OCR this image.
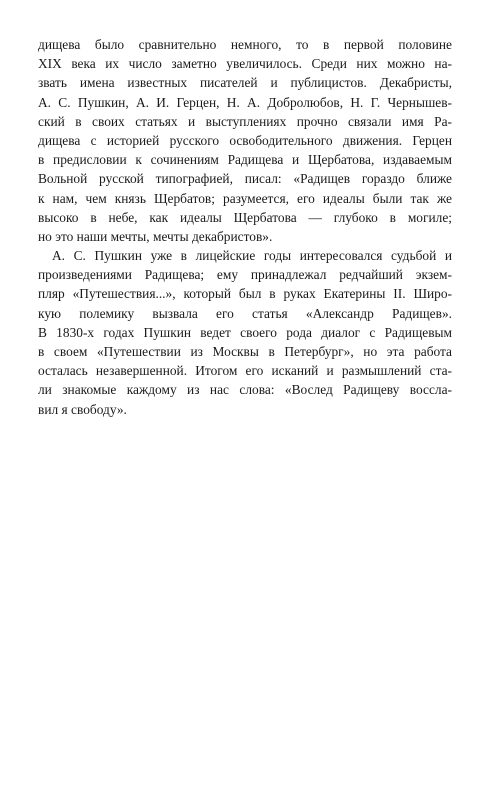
дищева было сравнительно немного, то в первой половине
XIX века их число заметно увеличилось. Среди них можно на-
звать имена известных писателей и публицистов. Декабристы,
А. С. Пушкин, А. И. Герцен, Н. А. Добролюбов, Н. Г. Чернышев-
ский в своих статьях и выступлениях прочно связали имя Ра-
дищева с историей русского освободительного движения. Герцен
в предисловии к сочинениям Радищева и Щербатова, издаваемым
Вольной русской типографией, писал: «Радищев гораздо ближе
к нам, чем князь Щербатов; разумеется, его идеалы были так же
высоко в небе, как идеалы Щербатова — глубоко в могиле;
но это наши мечты, мечты декабристов».
А. С. Пушкин уже в лицейские годы интересовался судьбой и
произведениями Радищева; ему принадлежал редчайший экзем-
пляр «Путешествия...», который был в руках Екатерины II. Широ-
кую полемику вызвала его статья «Александр Радищев».
В 1830-х годах Пушкин ведет своего рода диалог с Радищевым
в своем «Путешествии из Москвы в Петербург», но эта работа
осталась незавершенной. Итогом его исканий и размышлений ста-
ли знакомые каждому из нас слова: «Вослед Радищеву восcла-
вил я свободу».
